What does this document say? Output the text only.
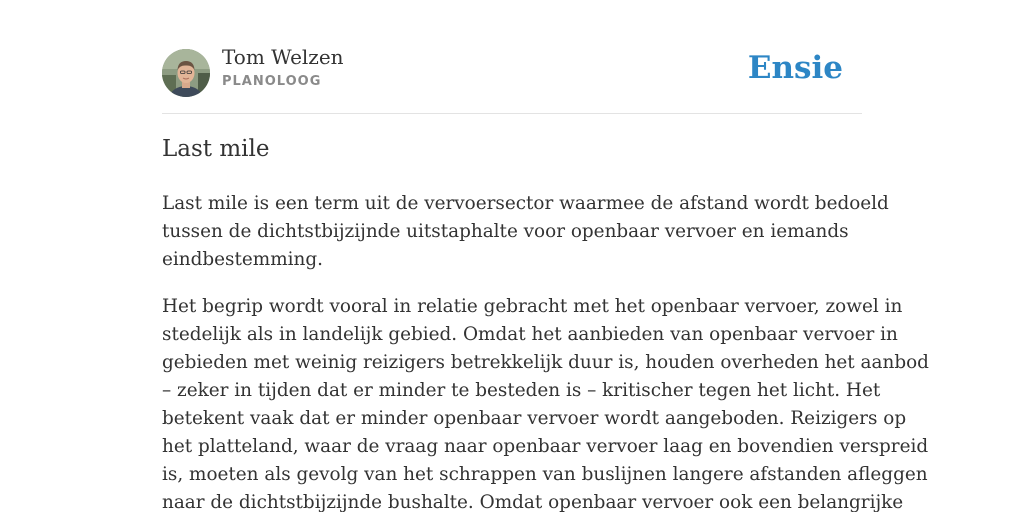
Tom Welzen
PLANOLOOG	Ensie
Last mile

Last mile is een term uit de vervoersector waarmee de afstand wordt bedoeld
tussen de dichtstbijzijnde uitstaphalte voor openbaar vervoer en iemands
eindbestemming.

Het begrip wordt vooral in relatie gebracht met het openbaar vervoer, zowel in
stedelijk als in landelijk gebied. Omdat het aanbieden van openbaar vervoer in
gebieden met weinig reizigers betrekkelijk duur is, houden overheden het aanbod
– zeker in tijden dat er minder te besteden is – kritischer tegen het licht. Het
betekent vaak dat er minder openbaar vervoer wordt aangeboden. Reizigers op
het platteland, waar de vraag naar openbaar vervoer laag en bovendien verspreid
is, moeten als gevolg van het schrappen van buslijnen langere afstanden afleggen
naar de dichtstbijzijnde bushalte. Omdat openbaar vervoer ook een belangrijke
